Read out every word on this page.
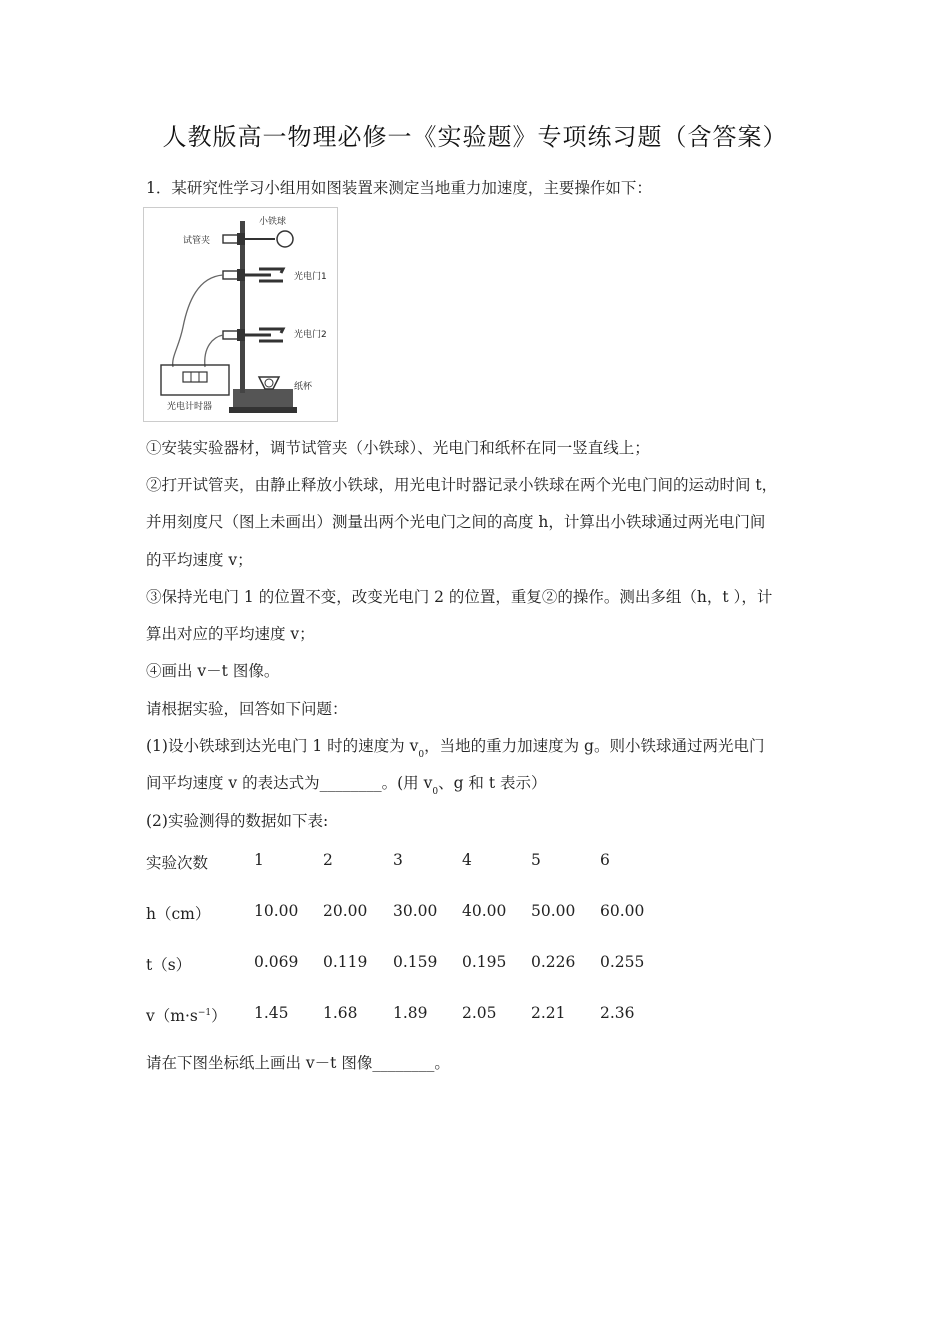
人教版高一物理必修一《实验题》专项练习题（含答案）
1．某研究性学习小组用如图装置来测定当地重力加速度，主要操作如下：
小铁球
试管夹
光电门1
光电门2
纸杯
光电计时器
①安装实验器材，调节试管夹（小铁球）、光电门和纸杯在同一竖直线上；
②打开试管夹，由静止释放小铁球，用光电计时器记录小铁球在两个光电门间的运动时间 t，
并用刻度尺（图上未画出）测量出两个光电门之间的高度 h，计算出小铁球通过两光电门间
的平均速度 v；
③保持光电门 1 的位置不变，改变光电门 2 的位置，重复②的操作。测出多组（h，t ），计
算出对应的平均速度 v；
④画出 v－t 图像。
请根据实验，回答如下问题：
(1)设小铁球到达光电门 1 时的速度为 $v_0$，当地的重力加速度为 g。则小铁球通过两光电门
间平均速度 v 的表达式为________。(用 $v_0$、g 和 t 表示）
(2)实验测得的数据如下表:
实验次数	1	2	3	4	5	6
h（cm）	10.00 20.00 30.00 40.00 50.00 60.00
t（s）	0.069 0.119 0.159 0.195 0.226 0.255
$v(m\cdot s^{-1})$ 1.45 1.68 1.89 2.05 2.21 2.36
请在下图坐标纸上画出 v－t 图像________。
